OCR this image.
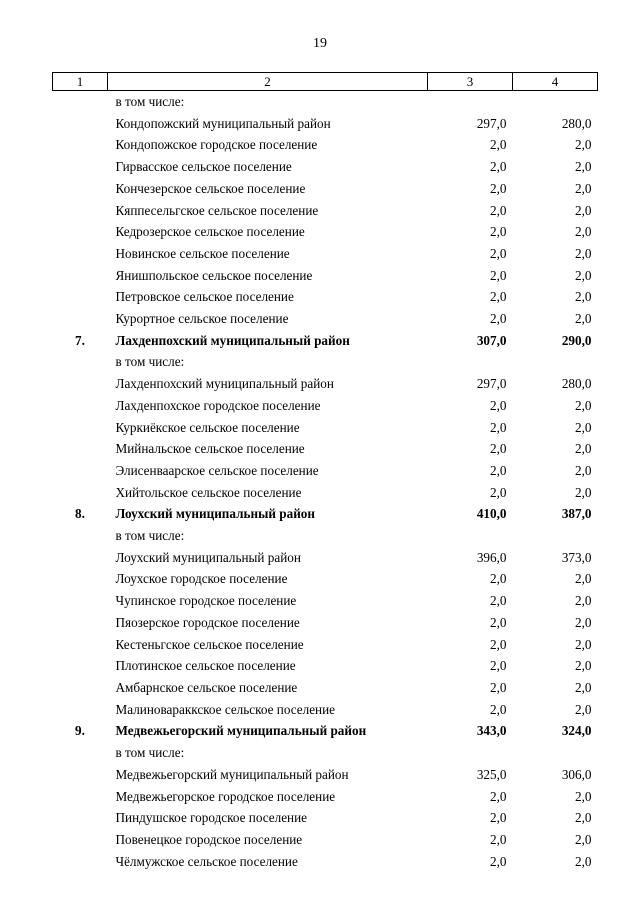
19
1	2	3	4
	в том числе:		
	Кондопожский муниципальный район	297,0	280,0
	Кондопожское городское поселение	2,0	2,0
	Гирвасское сельское поселение	2,0	2,0
	Кончезерское сельское поселение	2,0	2,0
	Кяппесельгское сельское поселение	2,0	2,0
	Кедрозерское сельское поселение	2,0	2,0
	Новинское сельское поселение	2,0	2,0
	Янишпольское сельское поселение	2,0	2,0
	Петровское сельское поселение	2,0	2,0
	Курортное сельское поселение	2,0	2,0
7.	Лахденпохский муниципальный район	307,0	290,0
	в том числе:		
	Лахденпохский муниципальный район	297,0	280,0
	Лахденпохское городское поселение	2,0	2,0
	Куркиёкское сельское поселение	2,0	2,0
	Мийнальское сельское поселение	2,0	2,0
	Элисенваарское сельское поселение	2,0	2,0
	Хийтольское сельское поселение	2,0	2,0
8.	Лоухский муниципальный район	410,0	387,0
	в том числе:		
	Лоухский муниципальный район	396,0	373,0
	Лоухское городское поселение	2,0	2,0
	Чупинское городское поселение	2,0	2,0
	Пяозерское городское поселение	2,0	2,0
	Кестеньгское сельское поселение	2,0	2,0
	Плотинское сельское поселение	2,0	2,0
	Амбарнское сельское поселение	2,0	2,0
	Малиновараккское сельское поселение	2,0	2,0
9.	Медвежьегорский муниципальный район	343,0	324,0
	в том числе:		
	Медвежьегорский муниципальный район	325,0	306,0
	Медвежьегорское городское поселение	2,0	2,0
	Пиндушское городское поселение	2,0	2,0
	Повенецкое городское поселение	2,0	2,0
	Чёлмужское сельское поселение	2,0	2,0
